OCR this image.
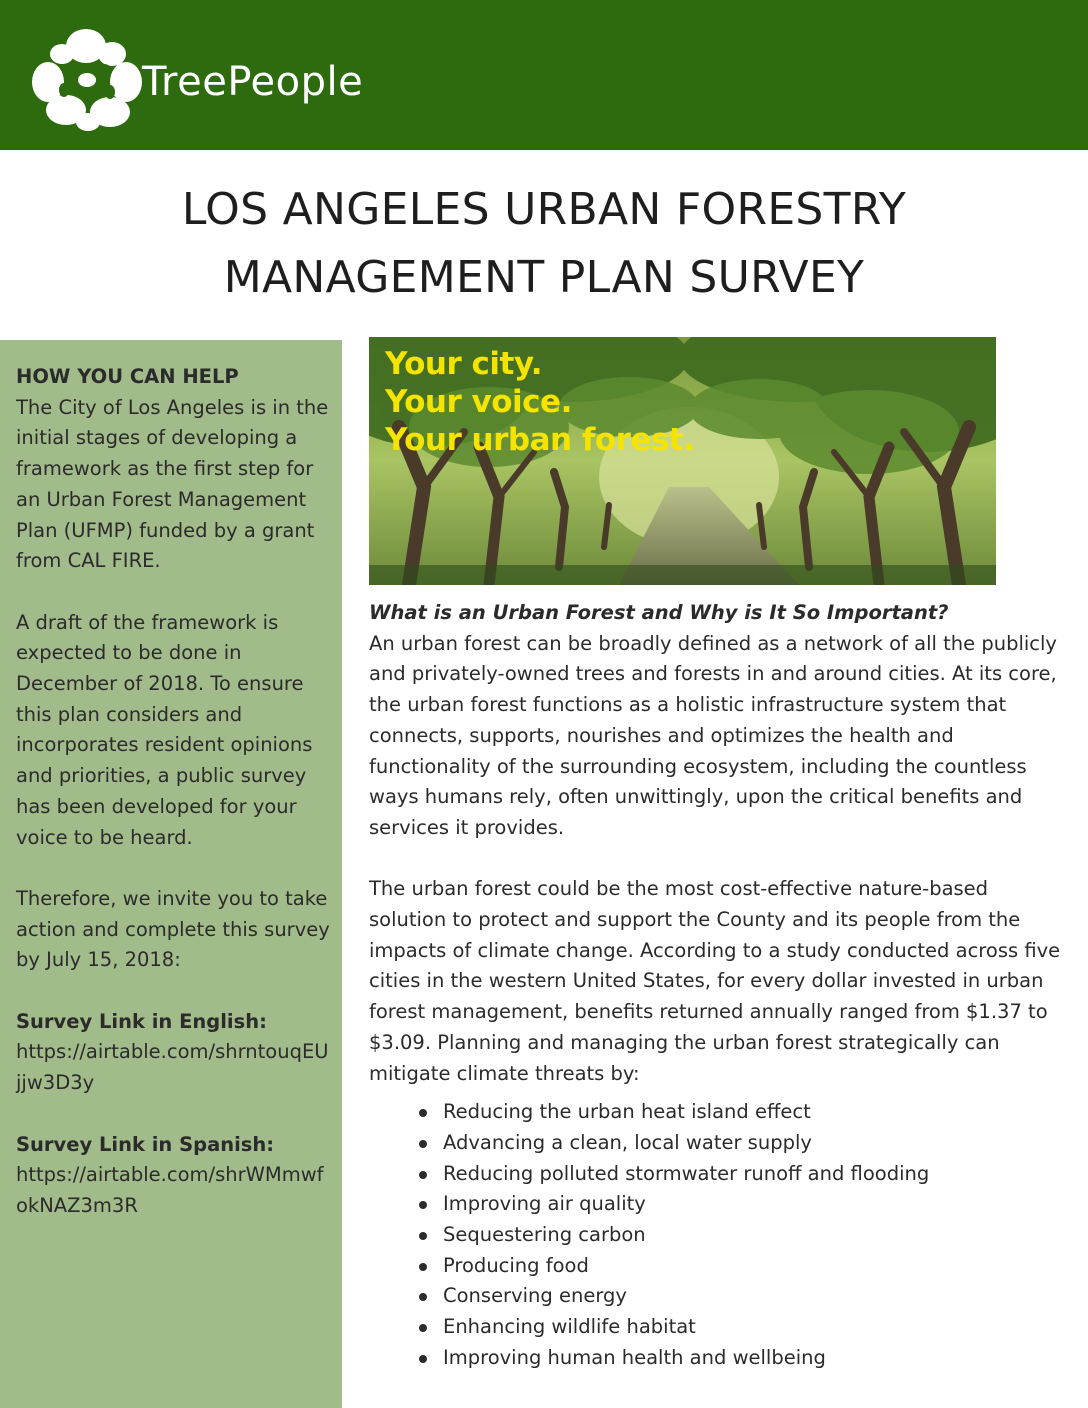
TreePeople
LOS ANGELES URBAN FORESTRY
MANAGEMENT PLAN SURVEY

HOW YOU CAN HELP

The City of Los Angeles is in the initial stages of developing a framework as the first step for an Urban Forest Management Plan (UFMP) funded by a grant from CAL FIRE.

A draft of the framework is expected to be done in December of 2018. To ensure this plan considers and incorporates resident opinions and priorities, a public survey has been developed for your voice to be heard.

Therefore, we invite you to take action and complete this survey by July 15, 2018:

Survey Link in English:

https://airtable.com/shrntouqEUjjw3D3y

Survey Link in Spanish:

https://airtable.com/shrWMmwfokNAZ3m3R

Your city.
Your voice.
Your urban forest.

What is an Urban Forest and Why is It So Important?

An urban forest can be broadly defined as a network of all the publicly and privately-owned trees and forests in and around cities. At its core, the urban forest functions as a holistic infrastructure system that connects, supports, nourishes and optimizes the health and functionality of the surrounding ecosystem, including the countless ways humans rely, often unwittingly, upon the critical benefits and services it provides.

The urban forest could be the most cost-effective nature-based solution to protect and support the County and its people from the impacts of climate change. According to a study conducted across five cities in the western United States, for every dollar invested in urban forest management, benefits returned annually ranged from $1.37 to $3.09. Planning and managing the urban forest strategically can mitigate climate threats by:

Reducing the urban heat island effect
Advancing a clean, local water supply
Reducing polluted stormwater runoff and flooding
Improving air quality
Sequestering carbon
Producing food
Conserving energy
Enhancing wildlife habitat
Improving human health and wellbeing
